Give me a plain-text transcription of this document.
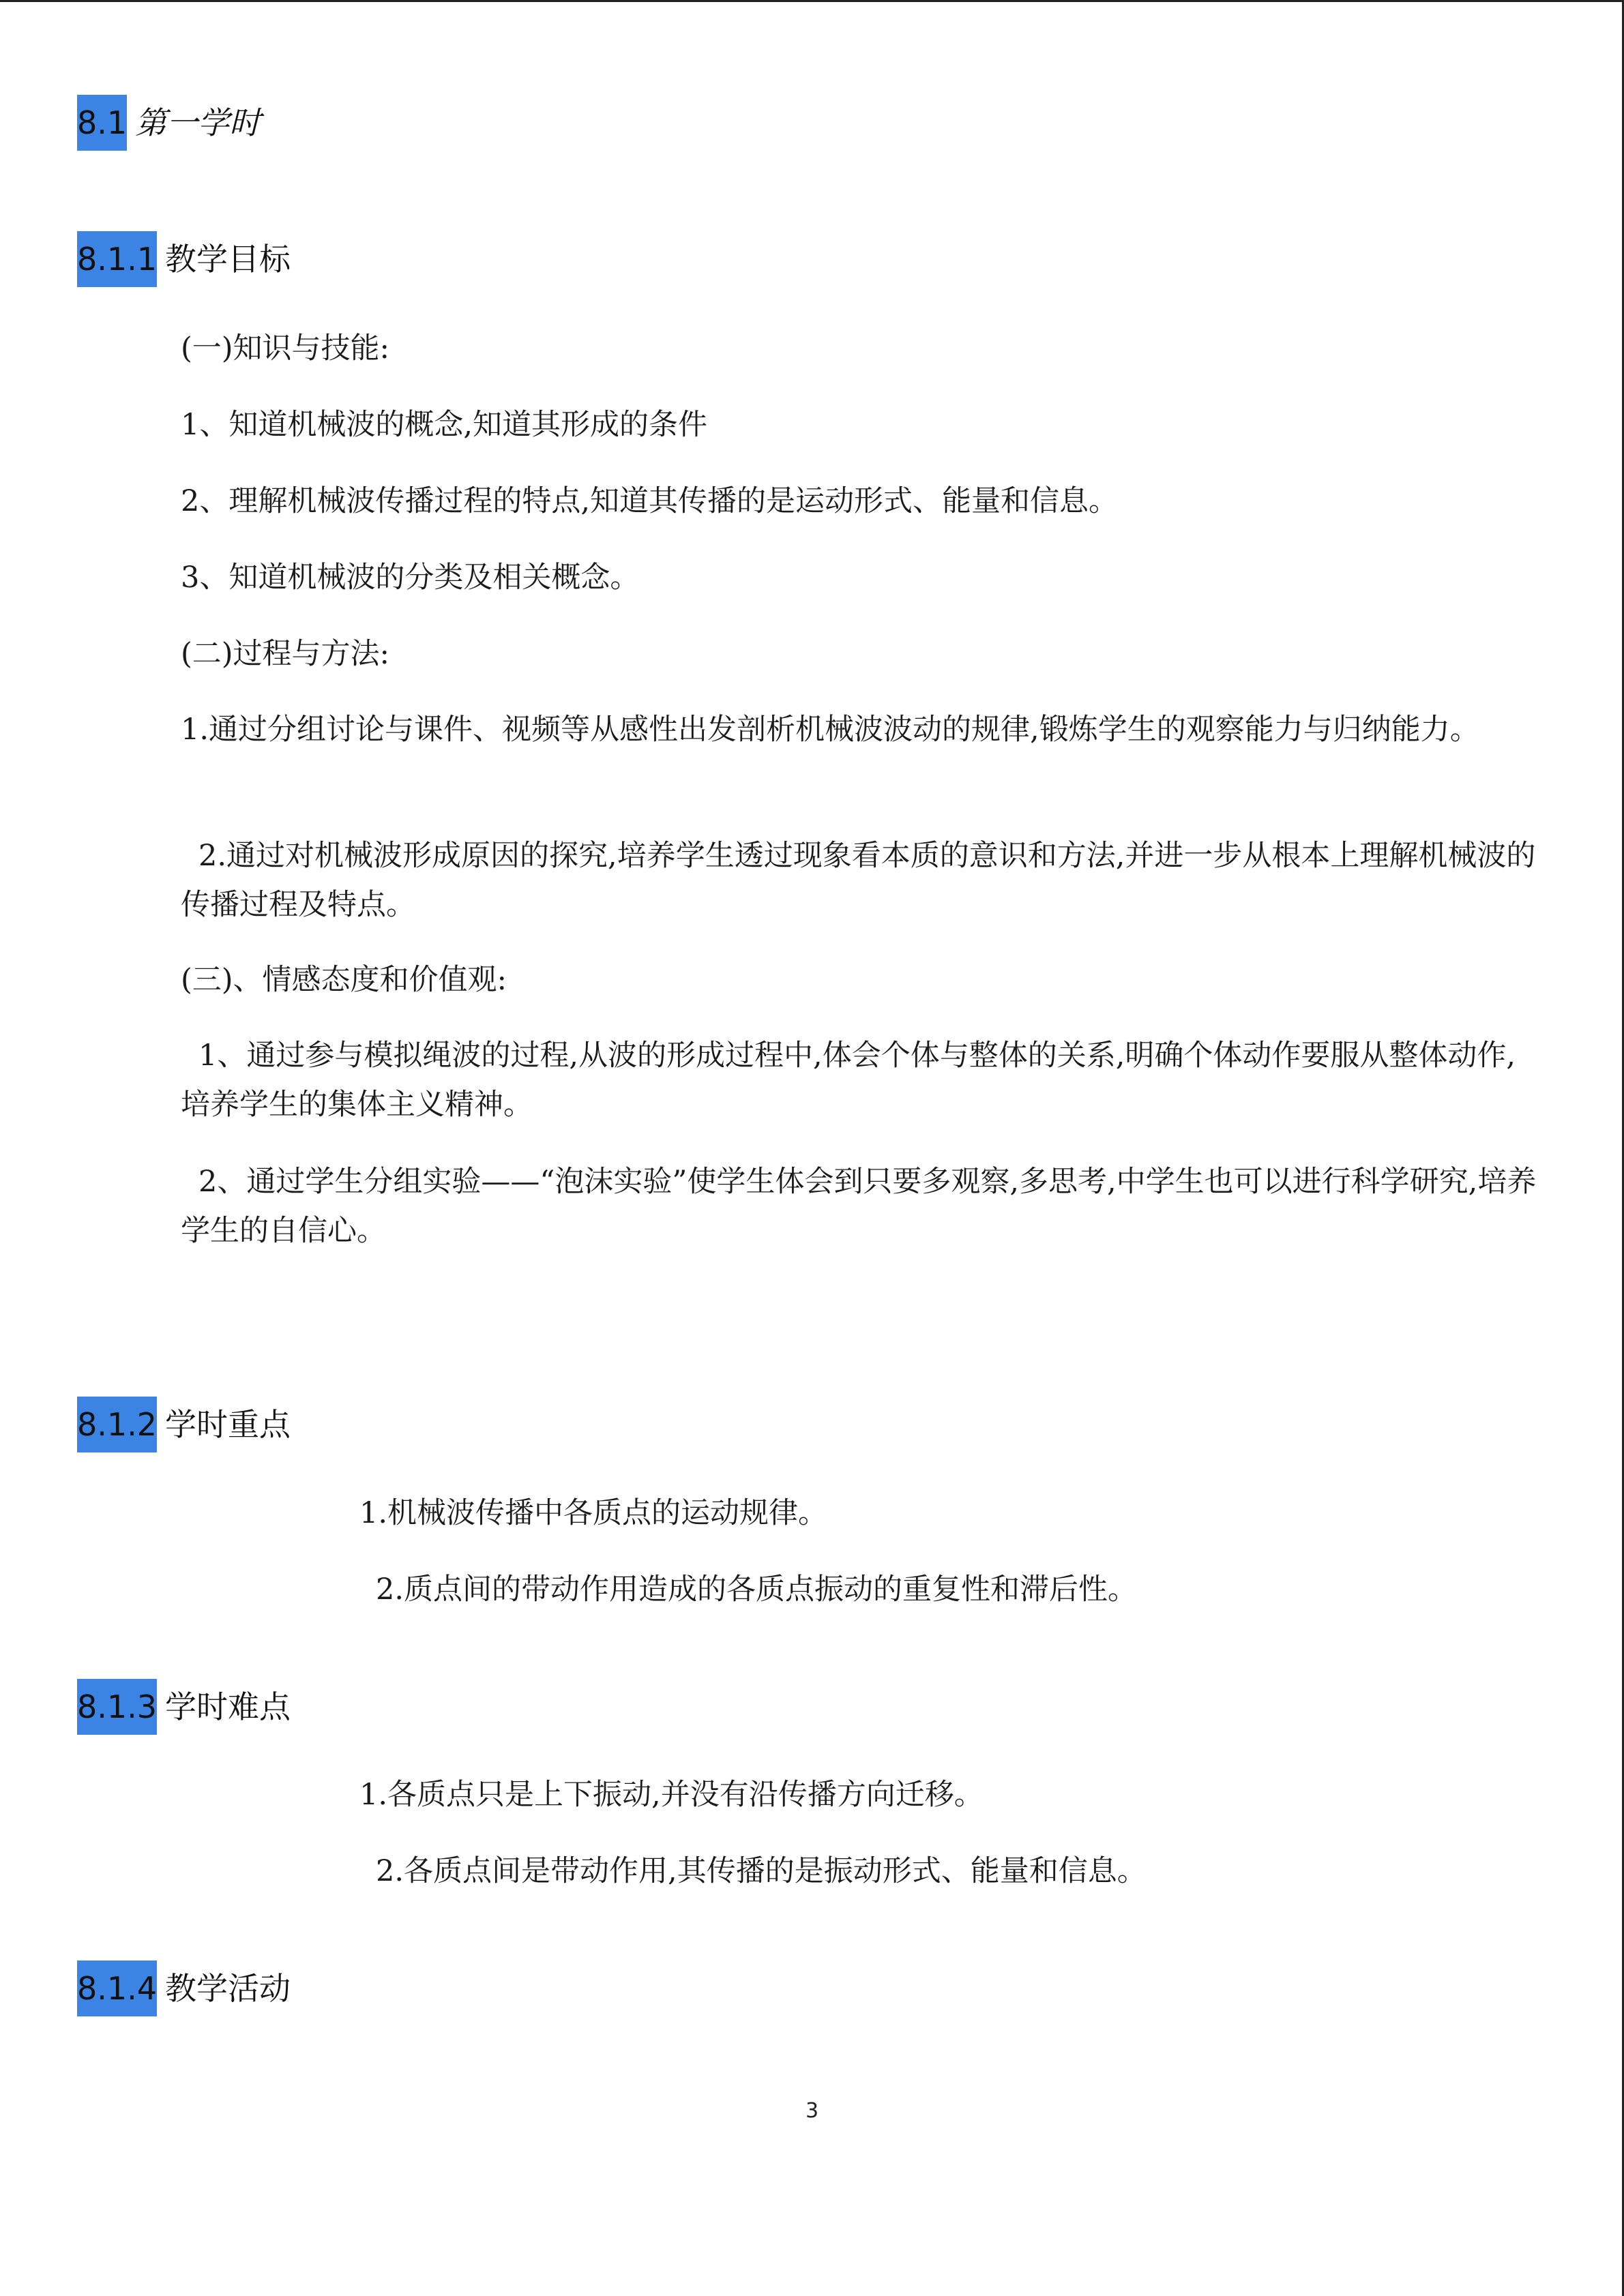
8.1 第一学时
8.1.1 教学目标
(一)知识与技能:
1、知道机械波的概念,知道其形成的条件
2、理解机械波传播过程的特点,知道其传播的是运动形式、能量和信息。
3、知道机械波的分类及相关概念。
(二)过程与方法:
1.通过分组讨论与课件、视频等从感性出发剖析机械波波动的规律,锻炼学生的观察能力与归纳能力。
2.通过对机械波形成原因的探究,培养学生透过现象看本质的意识和方法,并进一步从根本上理解机械波的传播过程及特点。
(三)、情感态度和价值观:
1、通过参与模拟绳波的过程,从波的形成过程中,体会个体与整体的关系,明确个体动作要服从整体动作,培养学生的集体主义精神。
2、通过学生分组实验——“泡沫实验”使学生体会到只要多观察,多思考,中学生也可以进行科学研究,培养学生的自信心。
8.1.2 学时重点
1.机械波传播中各质点的运动规律。
2.质点间的带动作用造成的各质点振动的重复性和滞后性。
8.1.3 学时难点
1.各质点只是上下振动,并没有沿传播方向迁移。
2.各质点间是带动作用,其传播的是振动形式、能量和信息。
8.1.4 教学活动
3
